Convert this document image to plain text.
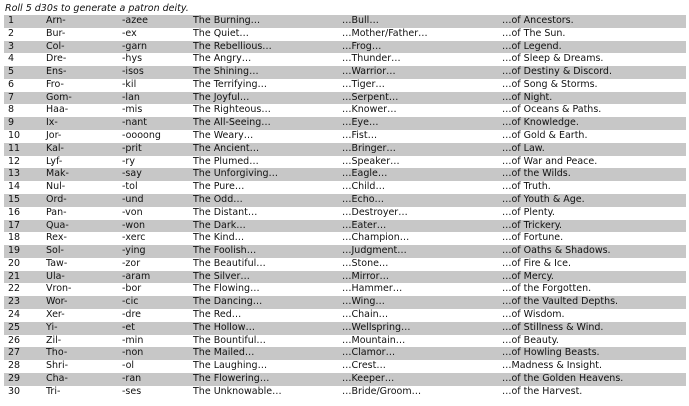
Roll 5 d30s to generate a patron deity.
1	Arn-	-azee	The Burning…	…Bull…	…of Ancestors.
2	Bur-	-ex	The Quiet…	…Mother/Father…	…of The Sun.
3	Col-	-garn	The Rebellious…	…Frog…	…of Legend.
4	Dre-	-hys	The Angry…	…Thunder…	…of Sleep & Dreams.
5	Ens-	-isos	The Shining…	…Warrior…	…of Destiny & Discord.
6	Fro-	-kil	The Terrifying…	…Tiger…	…of Song & Storms.
7	Gom-	-lan	The Joyful…	…Serpent…	…of Night.
8	Haa-	-mis	The Righteous…	…Knower…	…of Oceans & Paths.
9	Ix-	-nant	The All-Seeing…	…Eye…	…of Knowledge.
10	Jor-	-oooong	The Weary…	…Fist…	…of Gold & Earth.
11	Kal-	-prit	The Ancient…	…Bringer…	…of Law.
12	Lyf-	-ry	The Plumed…	…Speaker…	…of War and Peace.
13	Mak-	-say	The Unforgiving…	…Eagle…	…of the Wilds.
14	Nul-	-tol	The Pure…	…Child…	…of Truth.
15	Ord-	-und	The Odd…	…Echo…	…of Youth & Age.
16	Pan-	-von	The Distant…	…Destroyer…	…of Plenty.
17	Qua-	-won	The Dark…	…Eater…	…of Trickery.
18	Rex-	-xerc	The Kind…	…Champion…	…of Fortune.
19	Sol-	-ying	The Foolish…	…Judgment…	…of Oaths & Shadows.
20	Taw-	-zor	The Beautiful…	…Stone…	…of Fire & Ice.
21	Ula-	-aram	The Silver…	…Mirror…	…of Mercy.
22	Vron-	-bor	The Flowing…	…Hammer…	…of the Forgotten.
23	Wor-	-cic	The Dancing…	…Wing…	…of the Vaulted Depths.
24	Xer-	-dre	The Red…	…Chain…	…of Wisdom.
25	Yi-	-et	The Hollow…	…Wellspring…	…of Stillness & Wind.
26	Zil-	-min	The Bountiful…	…Mountain…	…of Beauty.
27	Tho-	-non	The Mailed…	…Clamor…	…of Howling Beasts.
28	Shri-	-ol	The Laughing…	…Crest…	…Madness & Insight.
29	Cha-	-ran	The Flowering…	…Keeper…	…of the Golden Heavens.
30	Tri-	-ses	The Unknowable…	…Bride/Groom…	…of the Harvest.
